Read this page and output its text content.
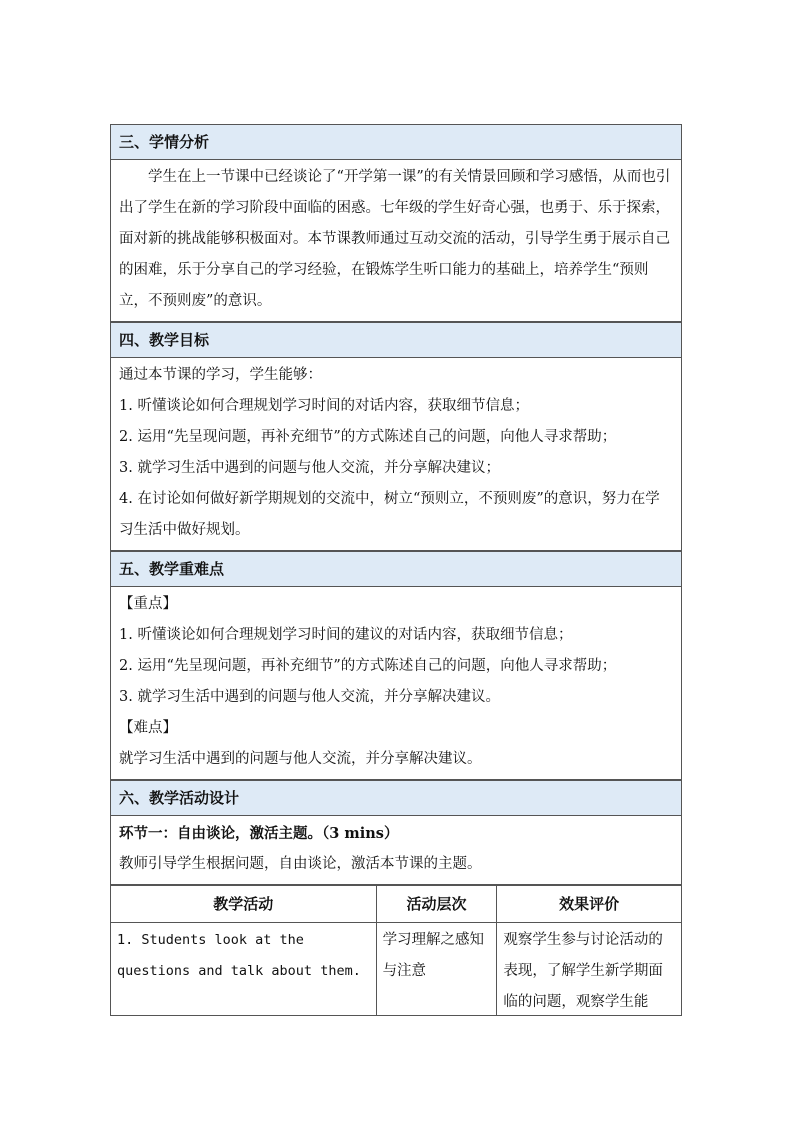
三、学情分析

学生在上一节课中已经谈论了“开学第一课”的有关情景回顾和学习感悟，从而也引出了学生在新的学习阶段中面临的困惑。七年级的学生好奇心强，也勇于、乐于探索，面对新的挑战能够积极面对。本节课教师通过互动交流的活动，引导学生勇于展示自己的困难，乐于分享自己的学习经验，在锻炼学生听口能力的基础上，培养学生“预则立，不预则废”的意识。

四、教学目标

通过本节课的学习，学生能够：

1. 听懂谈论如何合理规划学习时间的对话内容，获取细节信息；

2. 运用“先呈现问题，再补充细节”的方式陈述自己的问题，向他人寻求帮助；

3. 就学习生活中遇到的问题与他人交流，并分享解决建议；

4. 在讨论如何做好新学期规划的交流中，树立“预则立，不预则废”的意识，努力在学习生活中做好规划。

五、教学重难点

【重点】

1. 听懂谈论如何合理规划学习时间的建议的对话内容，获取细节信息；

2. 运用“先呈现问题，再补充细节”的方式陈述自己的问题，向他人寻求帮助；

3. 就学习生活中遇到的问题与他人交流，并分享解决建议。

【难点】

就学习生活中遇到的问题与他人交流，并分享解决建议。

六、教学活动设计

环节一：自由谈论，激活主题。（3 mins）

教师引导学生根据问题，自由谈论，激活本节课的主题。

教学活动	活动层次	效果评价
1. Students look at the questions and talk about them.	学习理解之感知与注意	观察学生参与讨论活动的表现，了解学生新学期面临的问题，观察学生能
